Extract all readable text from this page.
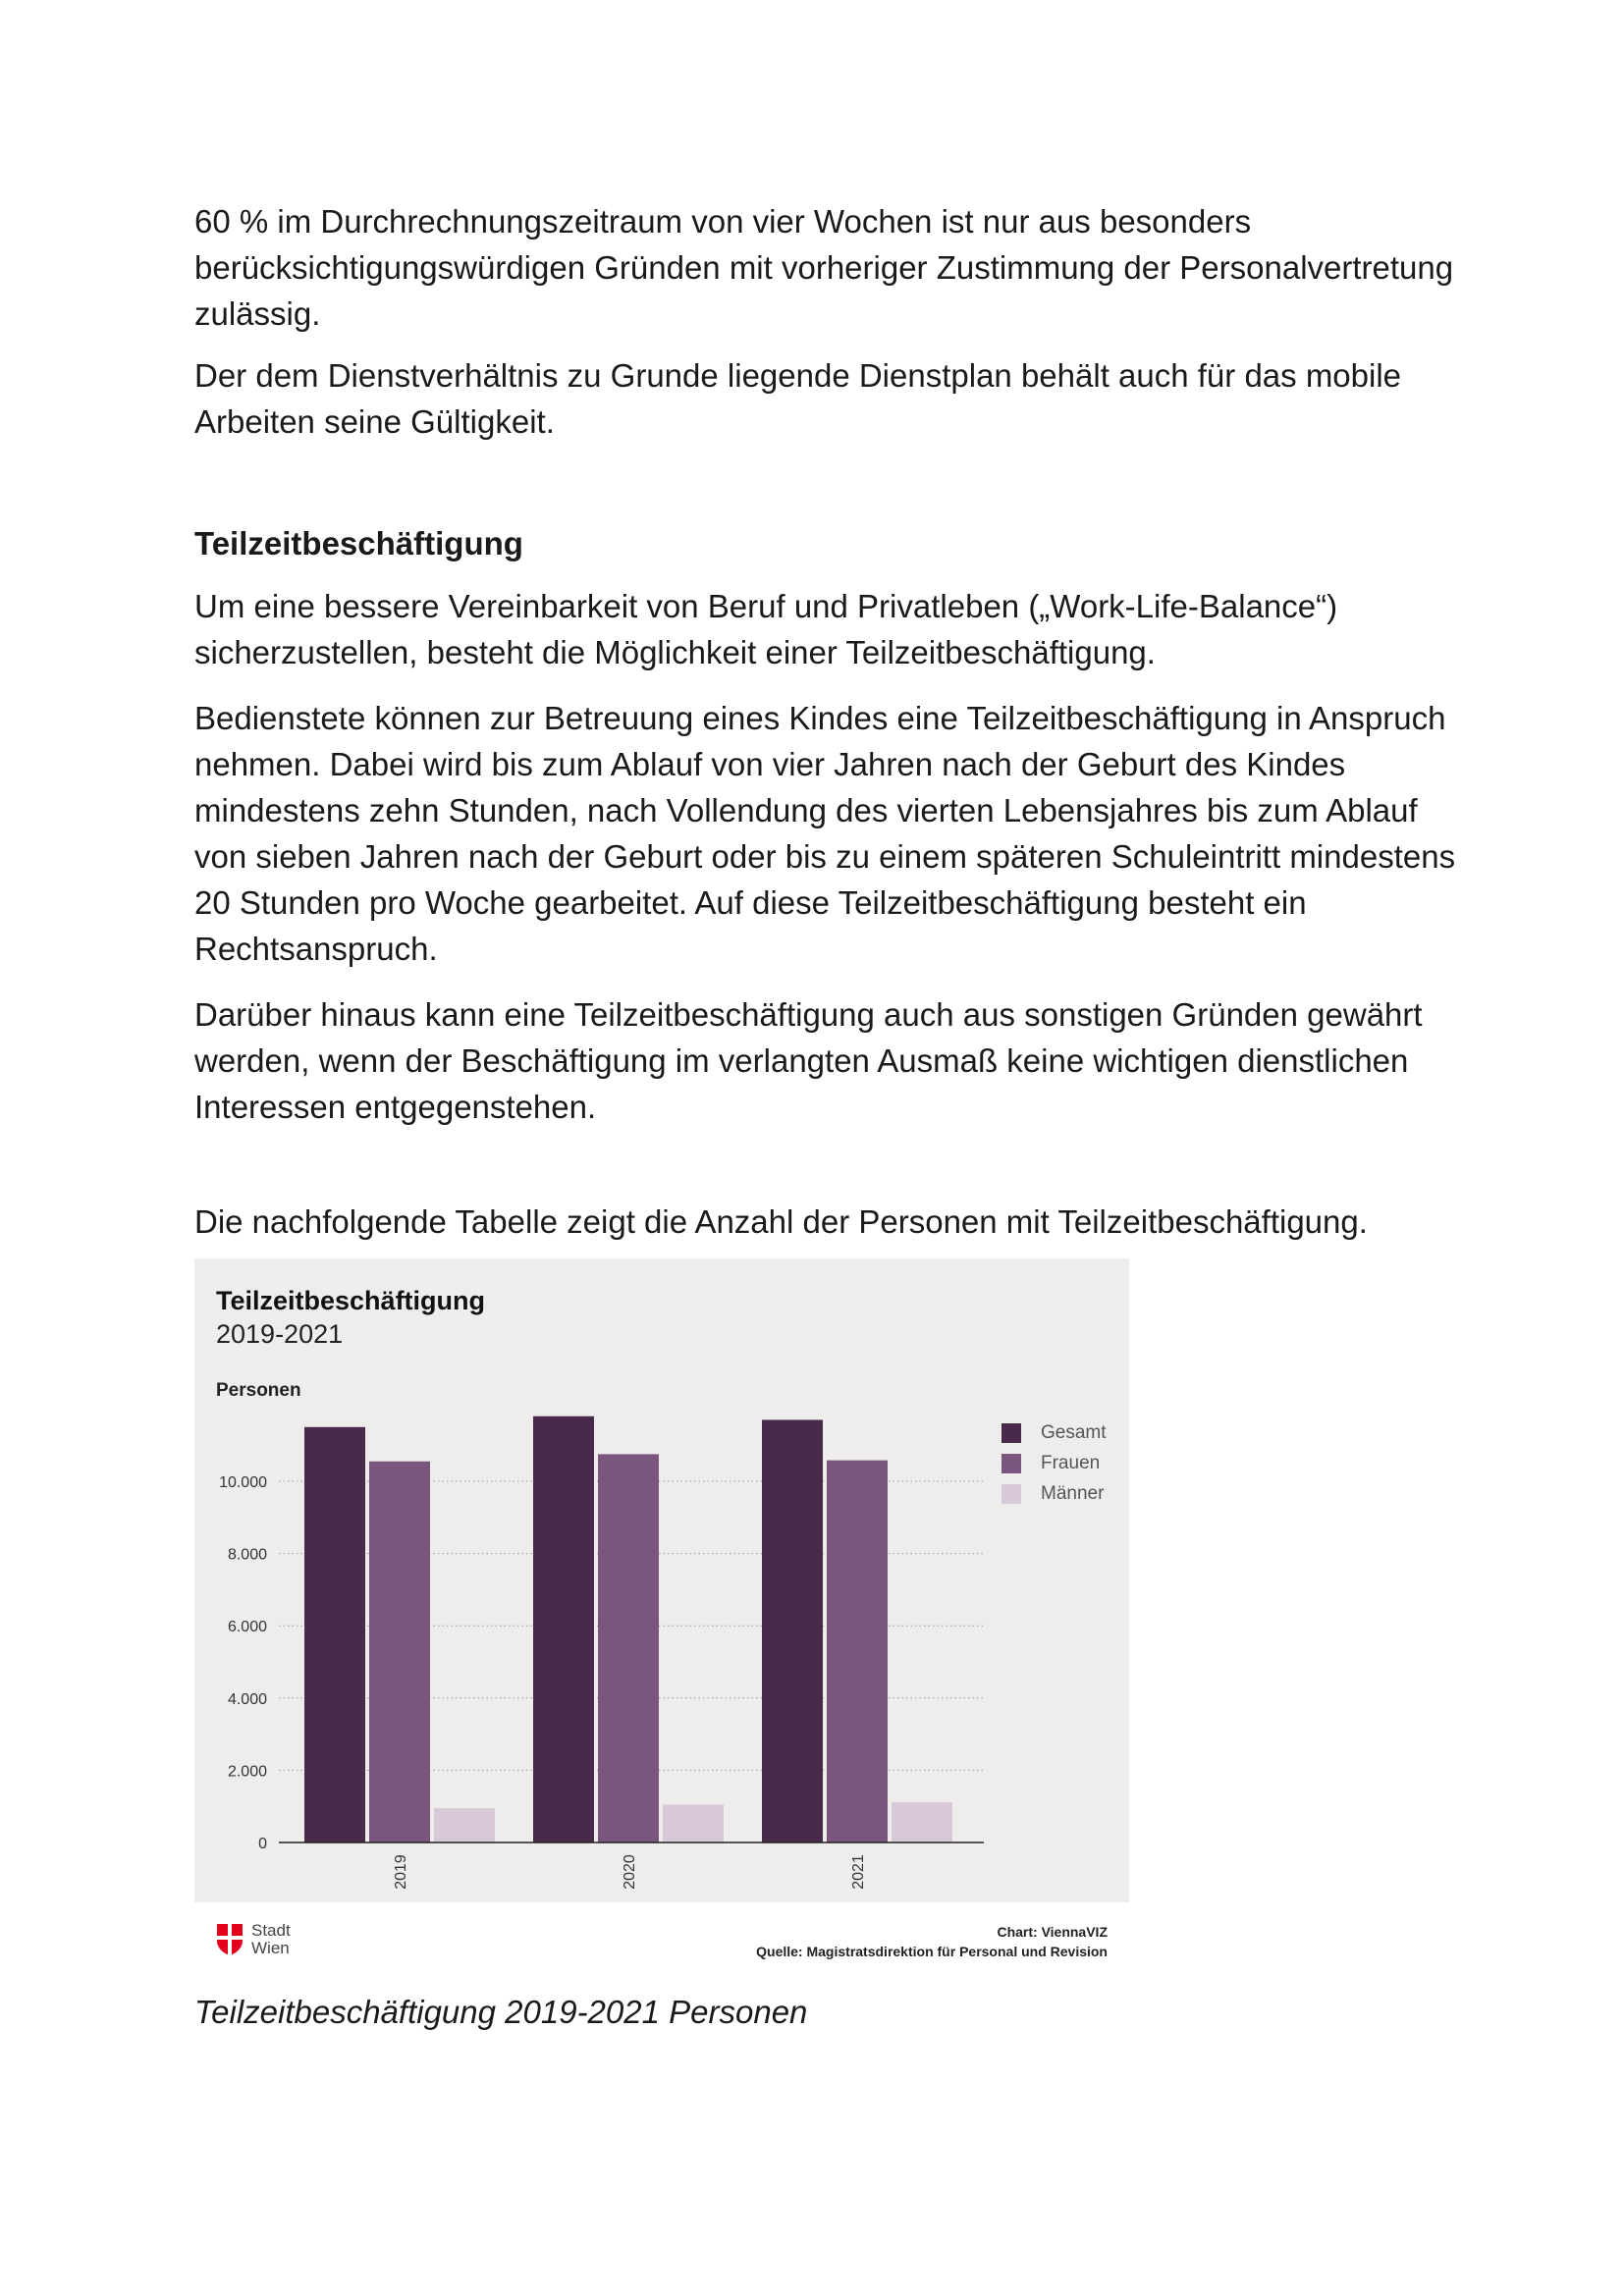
60 % im Durchrechnungszeitraum von vier Wochen ist nur aus besonders berücksichtigungswürdigen Gründen mit vorheriger Zustimmung der Personalvertretung zulässig.

Der dem Dienstverhältnis zu Grunde liegende Dienstplan behält auch für das mobile Arbeiten seine Gültigkeit.

Teilzeitbeschäftigung

Um eine bessere Vereinbarkeit von Beruf und Privatleben („Work-Life-Balance“) sicherzustellen, besteht die Möglichkeit einer Teilzeitbeschäftigung.

Bedienstete können zur Betreuung eines Kindes eine Teilzeitbeschäftigung in Anspruch nehmen. Dabei wird bis zum Ablauf von vier Jahren nach der Geburt des Kindes mindestens zehn Stunden, nach Vollendung des vierten Lebensjahres bis zum Ablauf von sieben Jahren nach der Geburt oder bis zu einem späteren Schuleintritt mindestens 20 Stunden pro Woche gearbeitet. Auf diese Teilzeitbeschäftigung besteht ein Rechtsanspruch.

Darüber hinaus kann eine Teilzeitbeschäftigung auch aus sonstigen Gründen gewährt werden, wenn der Beschäftigung im verlangten Ausmaß keine wichtigen dienstlichen Interessen entgegenstehen.

Die nachfolgende Tabelle zeigt die Anzahl der Personen mit Teilzeitbeschäftigung.

0
2.000
4.000
6.000
8.000
10.000
2019	2020	2021
Teilzeitbeschäftigung
2019-2021
Personen
Gesamt
Frauen
Männer
Stadt
Wien
Chart: ViennaVIZ
Quelle: Magistratsdirektion für Personal und Revision

Teilzeitbeschäftigung 2019-2021 Personen
